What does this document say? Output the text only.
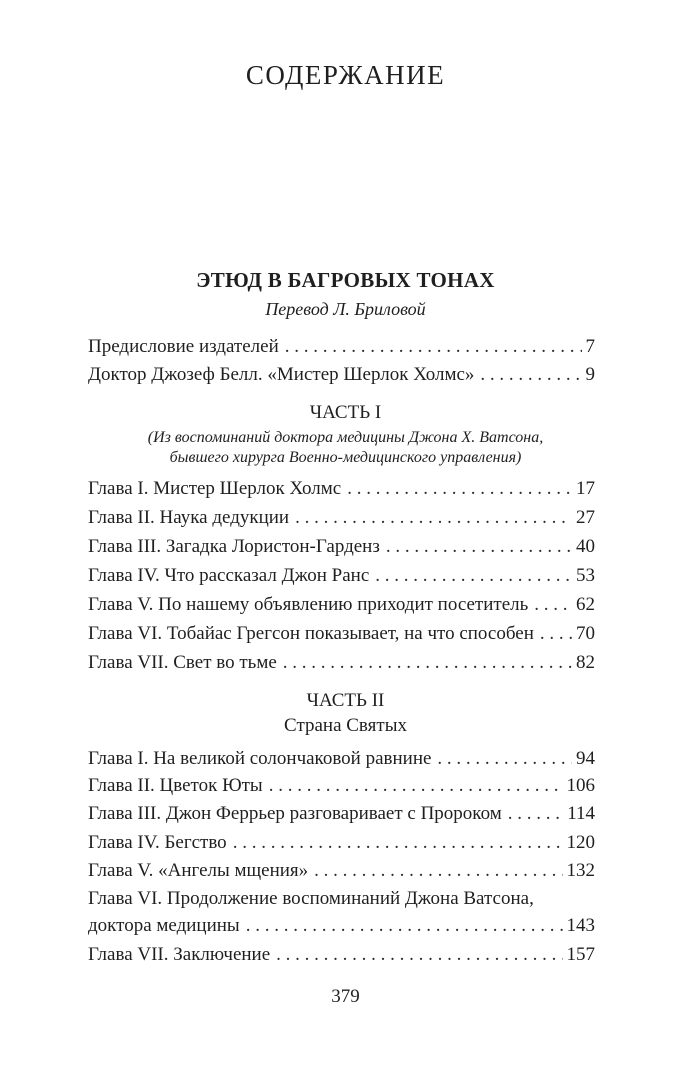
СОДЕРЖАНИЕ
ЭТЮД В БАГРОВЫХ ТОНАХ
Перевод Л. Бриловой
Предисловие издателей . . .	7
Доктор Джозеф Белл. «Мистер Шерлок Холмс» . . .	9
ЧАСТЬ I
(Из воспоминаний доктора медицины Джона Х. Ватсона,
бывшего хирурга Военно-медицинского управления)
Глава I. Мистер Шерлок Холмс . . .	17
Глава II. Наука дедукции . . .	27
Глава III. Загадка Лористон-Гарденз . . .	40
Глава IV. Что рассказал Джон Ранс . . .	53
Глава V. По нашему объявлению приходит посетитель . . .	62
Глава VI. Тобайас Грегсон показывает, на что способен . . . 70
Глава VII. Свет во тьме . . .	82
ЧАСТЬ II
Страна Святых
Глава I. На великой солончаковой равнине . . .	94
Глава II. Цветок Юты . . .	106
Глава III. Джон Феррьер разговаривает с Пророком . . .	114
Глава IV. Бегство . . .	120
Глава V. «Ангелы мщения» . . .	132
Глава VI. Продолжение воспоминаний Джона Ватсона,
доктора медицины . . .	143
Глава VII. Заключение . . .	157
379
